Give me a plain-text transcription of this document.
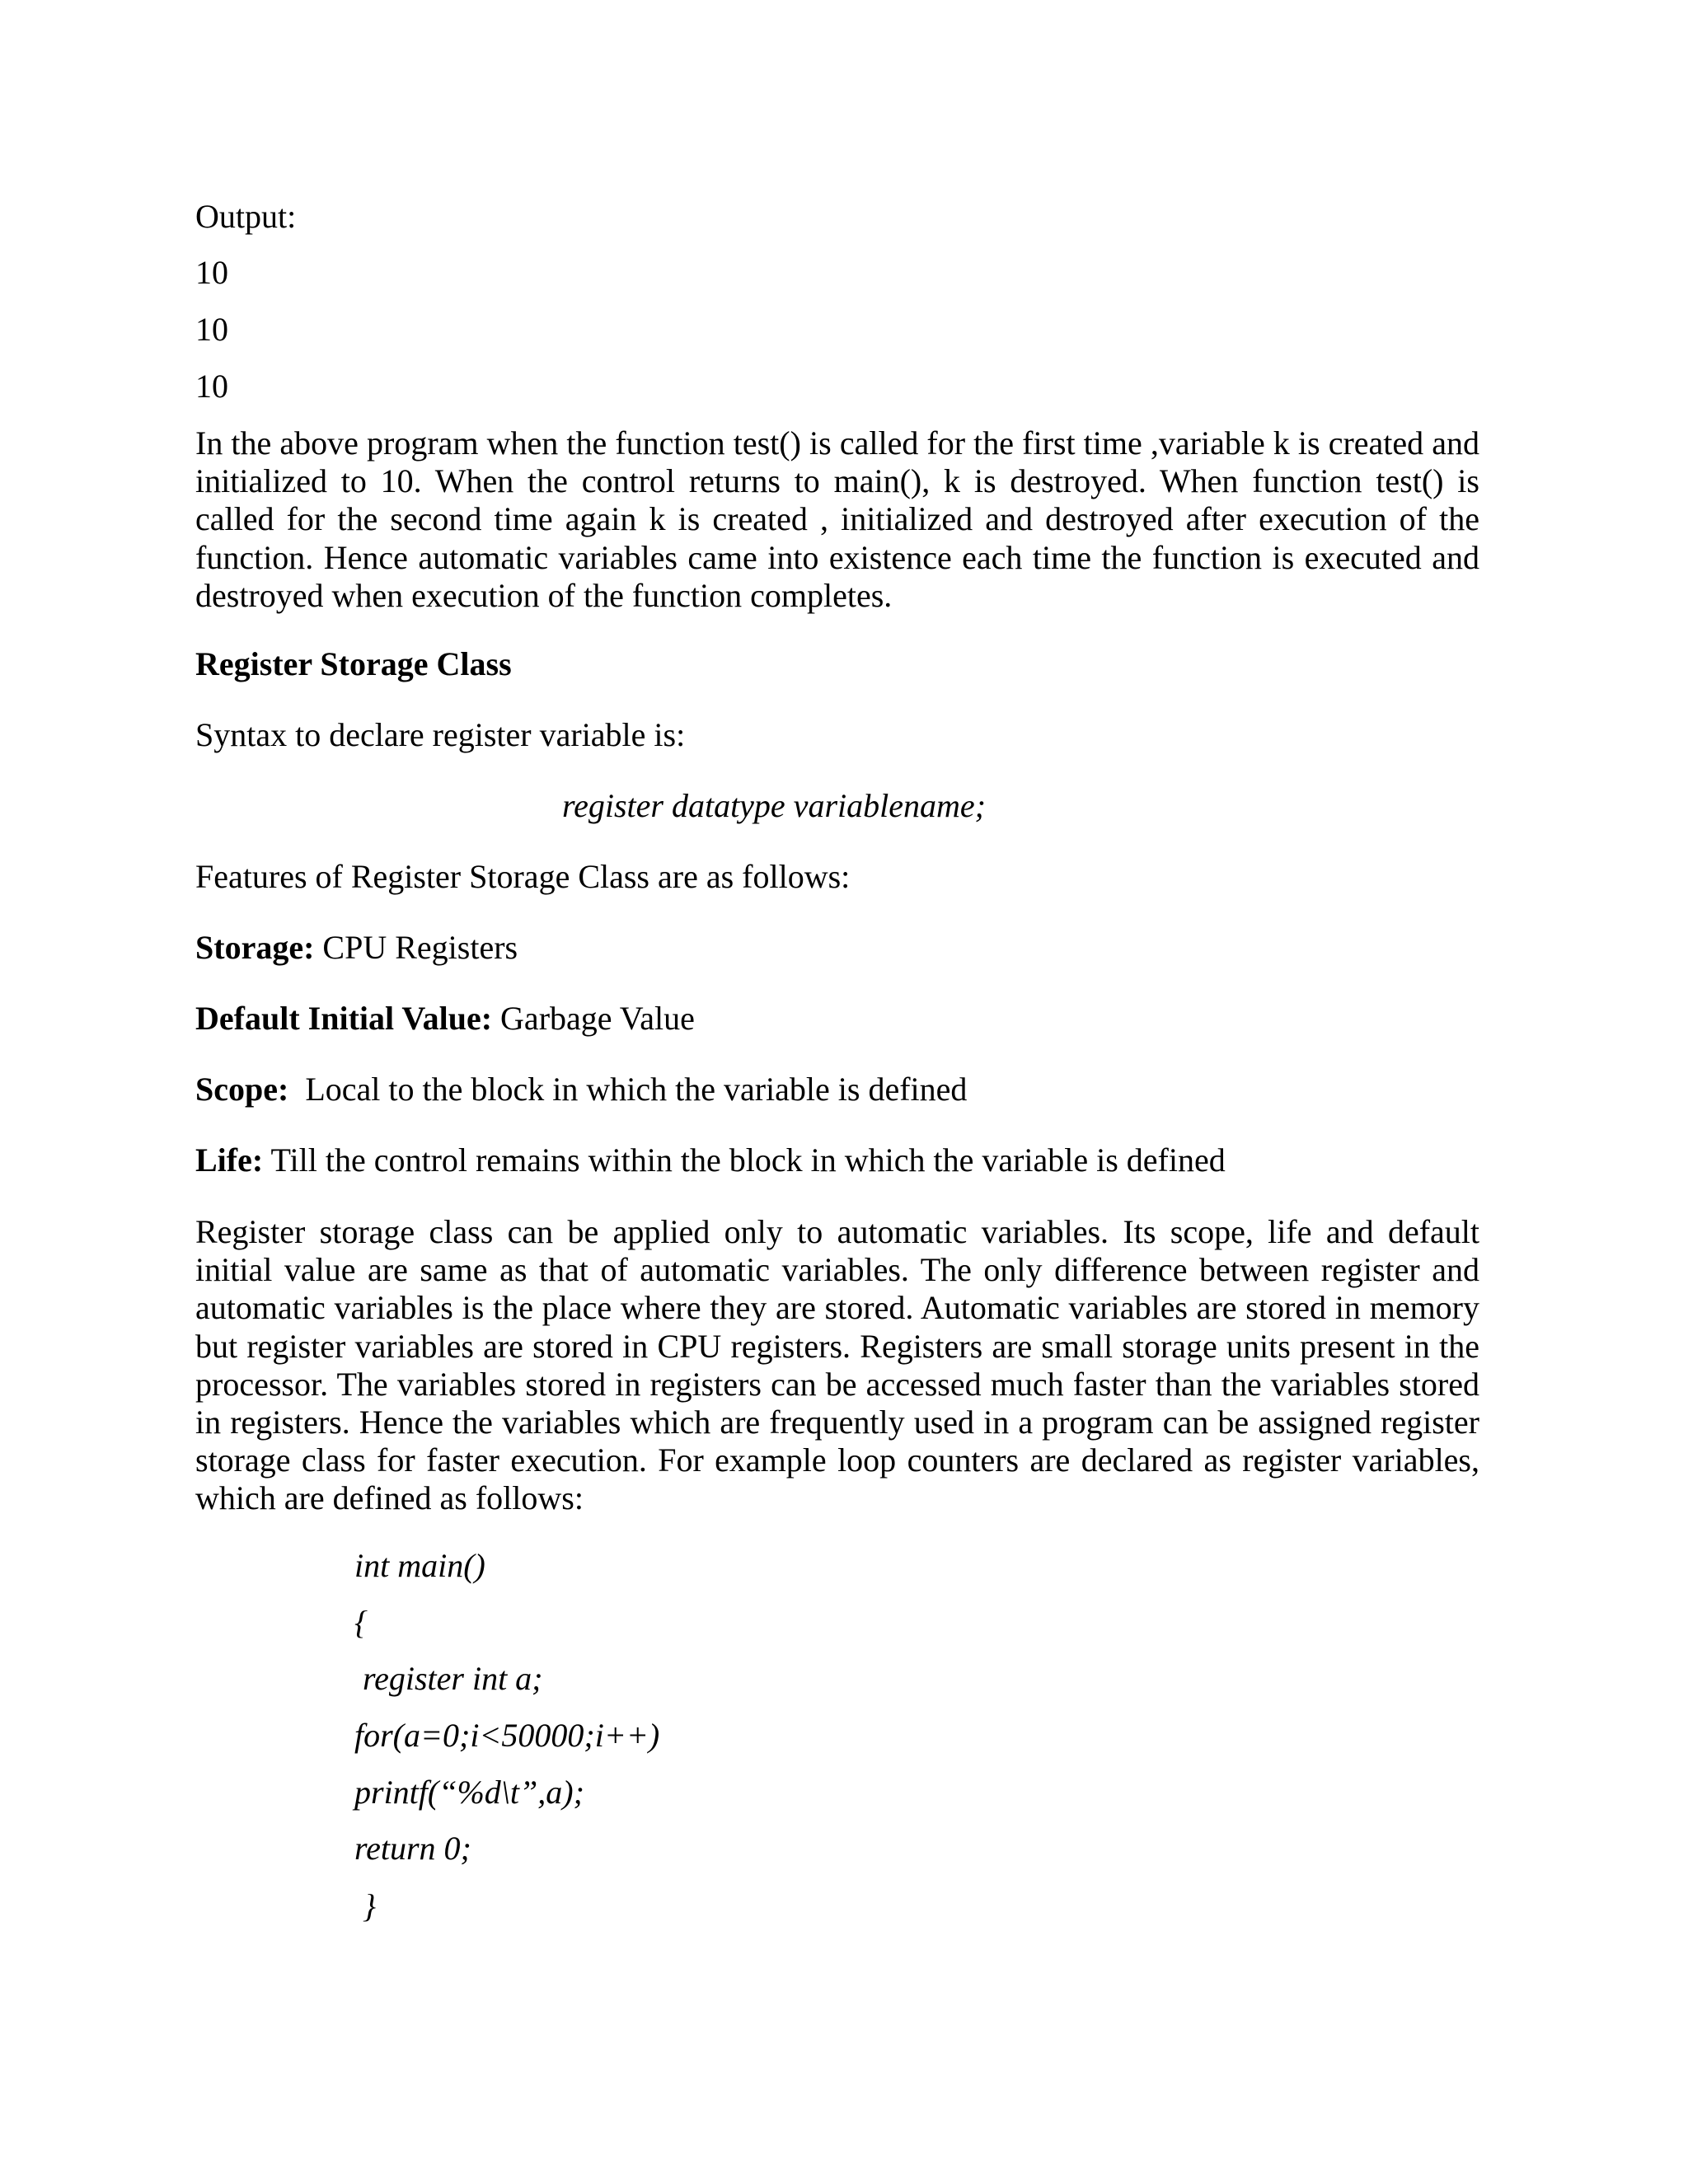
Output:

10

10

10

In the above program when the function test() is called for the first time ,variable k is created and initialized to 10. When the control returns to main(), k is destroyed. When function test() is called for the second time again k is created , initialized and destroyed after execution of the function. Hence automatic variables came into existence each time the function is executed and destroyed when execution of the function completes.

Register Storage Class

Syntax to declare register variable is:

register datatype variablename;

Features of Register Storage Class are as follows:

Storage: CPU Registers

Default Initial Value: Garbage Value

Scope:  Local to the block in which the variable is defined

Life: Till the control remains within the block in which the variable is defined

Register storage class can be applied only to automatic variables. Its scope, life and default initial value are same as that of automatic variables. The only difference between register and automatic variables is the place where they are stored. Automatic variables are stored in memory but register variables are stored in CPU registers. Registers are small storage units present in the processor. The variables stored in registers can be accessed much faster than the variables stored in registers. Hence the variables which are frequently used in a program can be assigned register storage class for faster execution. For example loop counters are declared as register variables, which are defined as follows:

int main()

{

register int a;

for(a=0;i<50000;i++)

printf(“%d\t”,a);

return 0;

}
